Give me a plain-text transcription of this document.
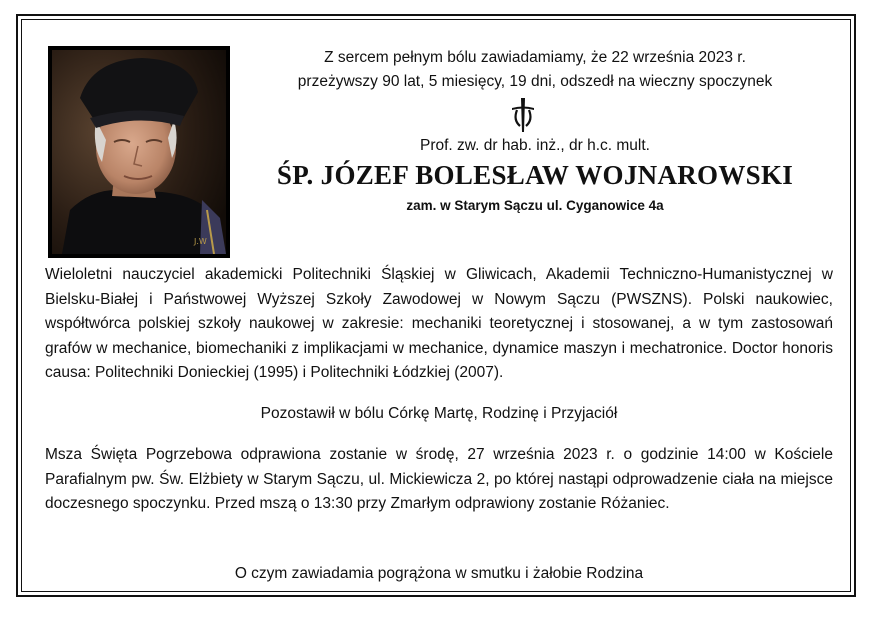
J.W
Z sercem pełnym bólu zawiadamiamy, że 22 września 2023 r.
przeżywszy 90 lat, 5 miesięcy, 19 dni, odszedł na wieczny spoczynek
Prof. zw. dr hab. inż., dr h.c. mult.
ŚP. JÓZEF BOLESŁAW WOJNAROWSKI
zam. w Starym Sączu ul. Cyganowice 4a
Wieloletni nauczyciel akademicki Politechniki Śląskiej w Gliwicach, Akademii Techniczno-Humanistycznej w Bielsku-Białej i Państwowej Wyższej Szkoły Zawodowej w Nowym Sączu (PWSZNS). Polski naukowiec, współtwórca polskiej szkoły naukowej w zakresie: mechaniki teoretycznej i stosowanej, a w tym zastosowań grafów w mechanice, biomechaniki z implikacjami w mechanice, dynamice maszyn i mechatronice. Doctor honoris causa: Politechniki Donieckiej (1995) i Politechniki Łódzkiej (2007).
Pozostawił w bólu Córkę Martę, Rodzinę i Przyjaciół
Msza Święta Pogrzebowa odprawiona zostanie w środę, 27 września 2023 r. o godzinie 14:00 w Kościele Parafialnym pw. Św. Elżbiety w Starym Sączu, ul. Mickiewicza 2, po której nastąpi odprowadzenie ciała na miejsce doczesnego spoczynku. Przed mszą o 13:30 przy Zmarłym odprawiony zostanie Różaniec.
O czym zawiadamia pogrążona w smutku i żałobie Rodzina
